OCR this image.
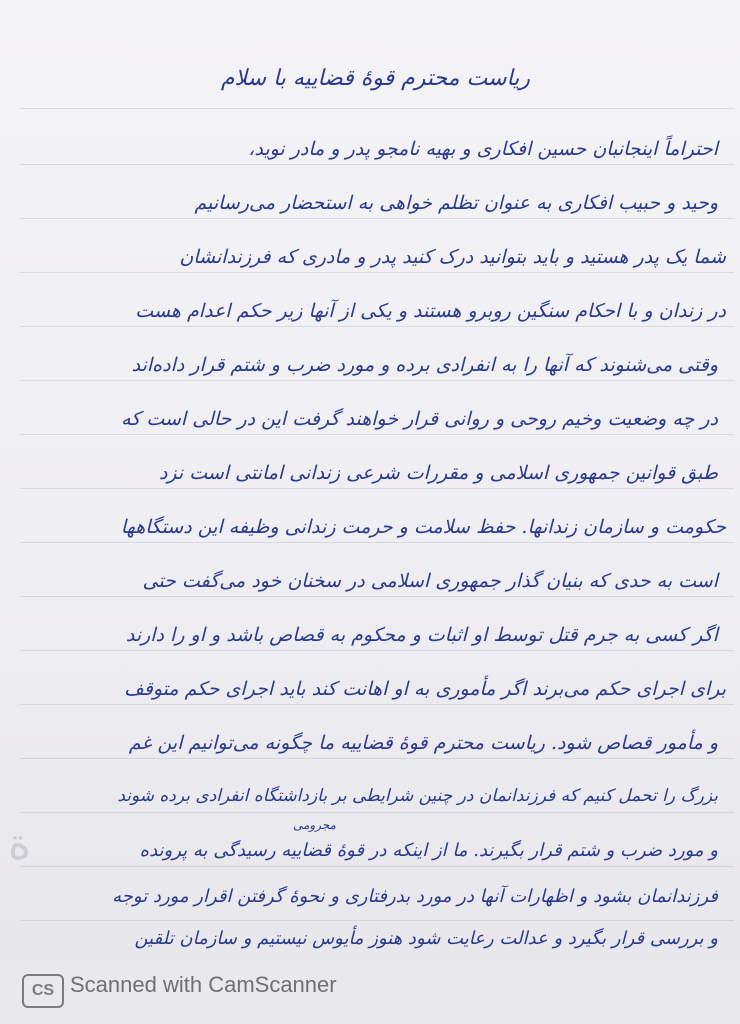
ریاست محترم قوهٔ قضاییه با سلام

احتراماً اینجانبان حسین افکاری و بهیه نامجو پدر و مادر نوید،

وحید و حبیب افکاری به عنوان تظلم خواهی به استحضار می‌رسانیم

شما یک پدر هستید و باید بتوانید درک کنید پدر و مادری که فرزندانشان

در زندان و با احکام سنگین روبرو هستند و یکی از آنها زیر حکم اعدام هست

وقتی می‌شنوند که آنها را به انفرادی برده و مورد ضرب و شتم قرار داده‌اند

در چه وضعیت وخیم روحی و روانی قرار خواهند گرفت این در حالی است که

طبق قوانین جمهوری اسلامی و مقررات شرعی زندانی امانتی است نزد

حکومت و سازمان زندانها. حفظ سلامت و حرمت زندانی وظیفه این دستگاهها

است به حدی که بنیان گذار جمهوری اسلامی در سخنان خود می‌گفت حتی

اگر کسی به جرم قتل توسط او اثبات و محکوم به قصاص باشد و او را دارند

برای اجرای حکم می‌برند اگر مأموری به او اهانت کند باید اجرای حکم متوقف

و مأمور قصاص شود. ریاست محترم قوهٔ قضاییه ما چگونه می‌توانیم این غم

بزرگ را تحمل کنیم که فرزندانمان در چنین شرایطی بر بازداشتگاه انفرادی برده شوند

و مورد ضرب و شتم قرار بگیرند. ما از اینکه در قوهٔ قضاییه رسیدگی به پرونده

فرزندانمان بشود و اظهارات آنها در مورد بدرفتاری و نحوهٔ گرفتن اقرار مورد توجه

و بررسی قرار بگیرد و عدالت رعایت شود هنوز مأیوس نیستیم و سازمان تلقین

مجرومی

ة
CS Scanned with CamScanner
